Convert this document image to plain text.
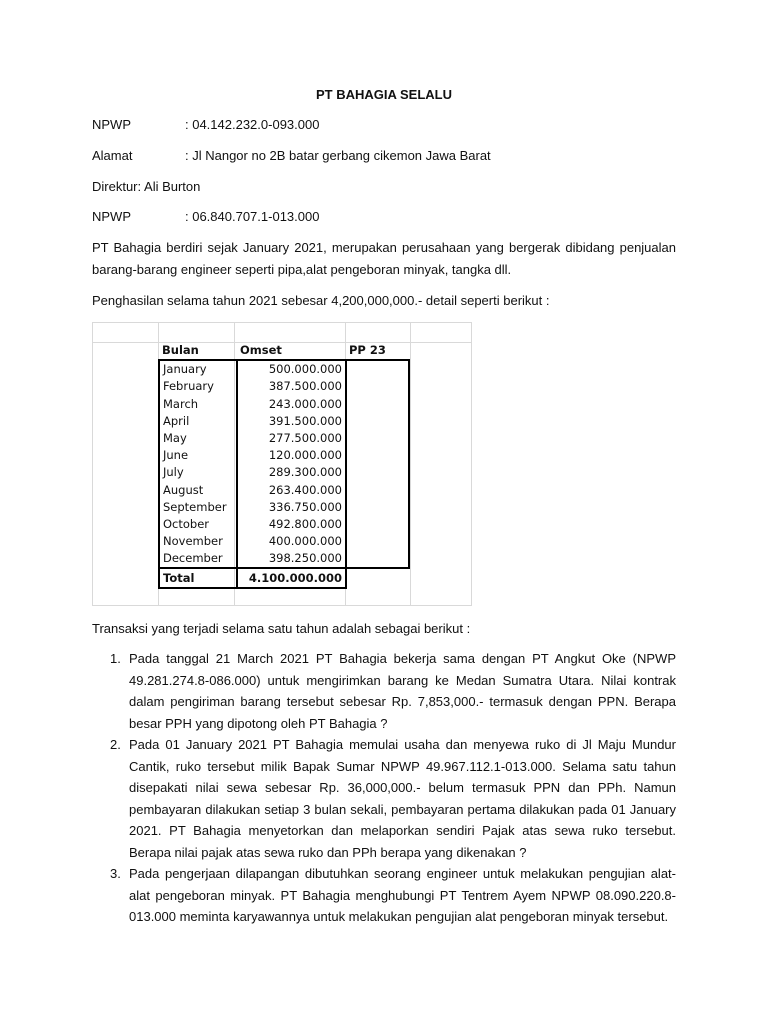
PT BAHAGIA SELALU
NPWP	: 04.142.232.0-093.000
Alamat	: Jl Nangor no 2B batar gerbang cikemon Jawa Barat
Direktur: Ali Burton
NPWP	: 06.840.707.1-013.000

PT Bahagia berdiri sejak January 2021, merupakan perusahaan yang bergerak dibidang penjualan barang-barang engineer seperti pipa,alat pengeboran minyak, tangka dll.

Penghasilan selama tahun 2021 sebesar 4,200,000,000.- detail seperti berikut :

Bulan	Omset	PP 23
January	500.000.000	
February	387.500.000	
March	243.000.000	
April	391.500.000	
May	277.500.000	
June	120.000.000	
July	289.300.000	
August	263.400.000	
September	336.750.000	
October	492.800.000	
November	400.000.000	
December	398.250.000	
Total	4.100.000.000	

Transaksi yang terjadi selama satu tahun adalah sebagai berikut :

1. Pada tanggal 21 March 2021 PT Bahagia bekerja sama dengan PT Angkut Oke (NPWP 49.281.274.8-086.000) untuk mengirimkan barang ke Medan Sumatra Utara. Nilai kontrak dalam pengiriman barang tersebut sebesar Rp. 7,853,000.- termasuk dengan PPN. Berapa besar PPH yang dipotong oleh PT Bahagia ?
2. Pada 01 January 2021 PT Bahagia memulai usaha dan menyewa ruko di Jl Maju Mundur Cantik, ruko tersebut milik Bapak Sumar NPWP 49.967.112.1-013.000. Selama satu tahun disepakati nilai sewa sebesar Rp. 36,000,000.- belum termasuk PPN dan PPh. Namun pembayaran dilakukan setiap 3 bulan sekali, pembayaran pertama dilakukan pada 01 January 2021. PT Bahagia menyetorkan dan melaporkan sendiri Pajak atas sewa ruko tersebut. Berapa nilai pajak atas sewa ruko dan PPh berapa yang dikenakan ?
3. Pada pengerjaan dilapangan dibutuhkan seorang engineer untuk melakukan pengujian alat-alat pengeboran minyak. PT Bahagia menghubungi PT Tentrem Ayem NPWP 08.090.220.8-013.000 meminta karyawannya untuk melakukan pengujian alat pengeboran minyak tersebut.
